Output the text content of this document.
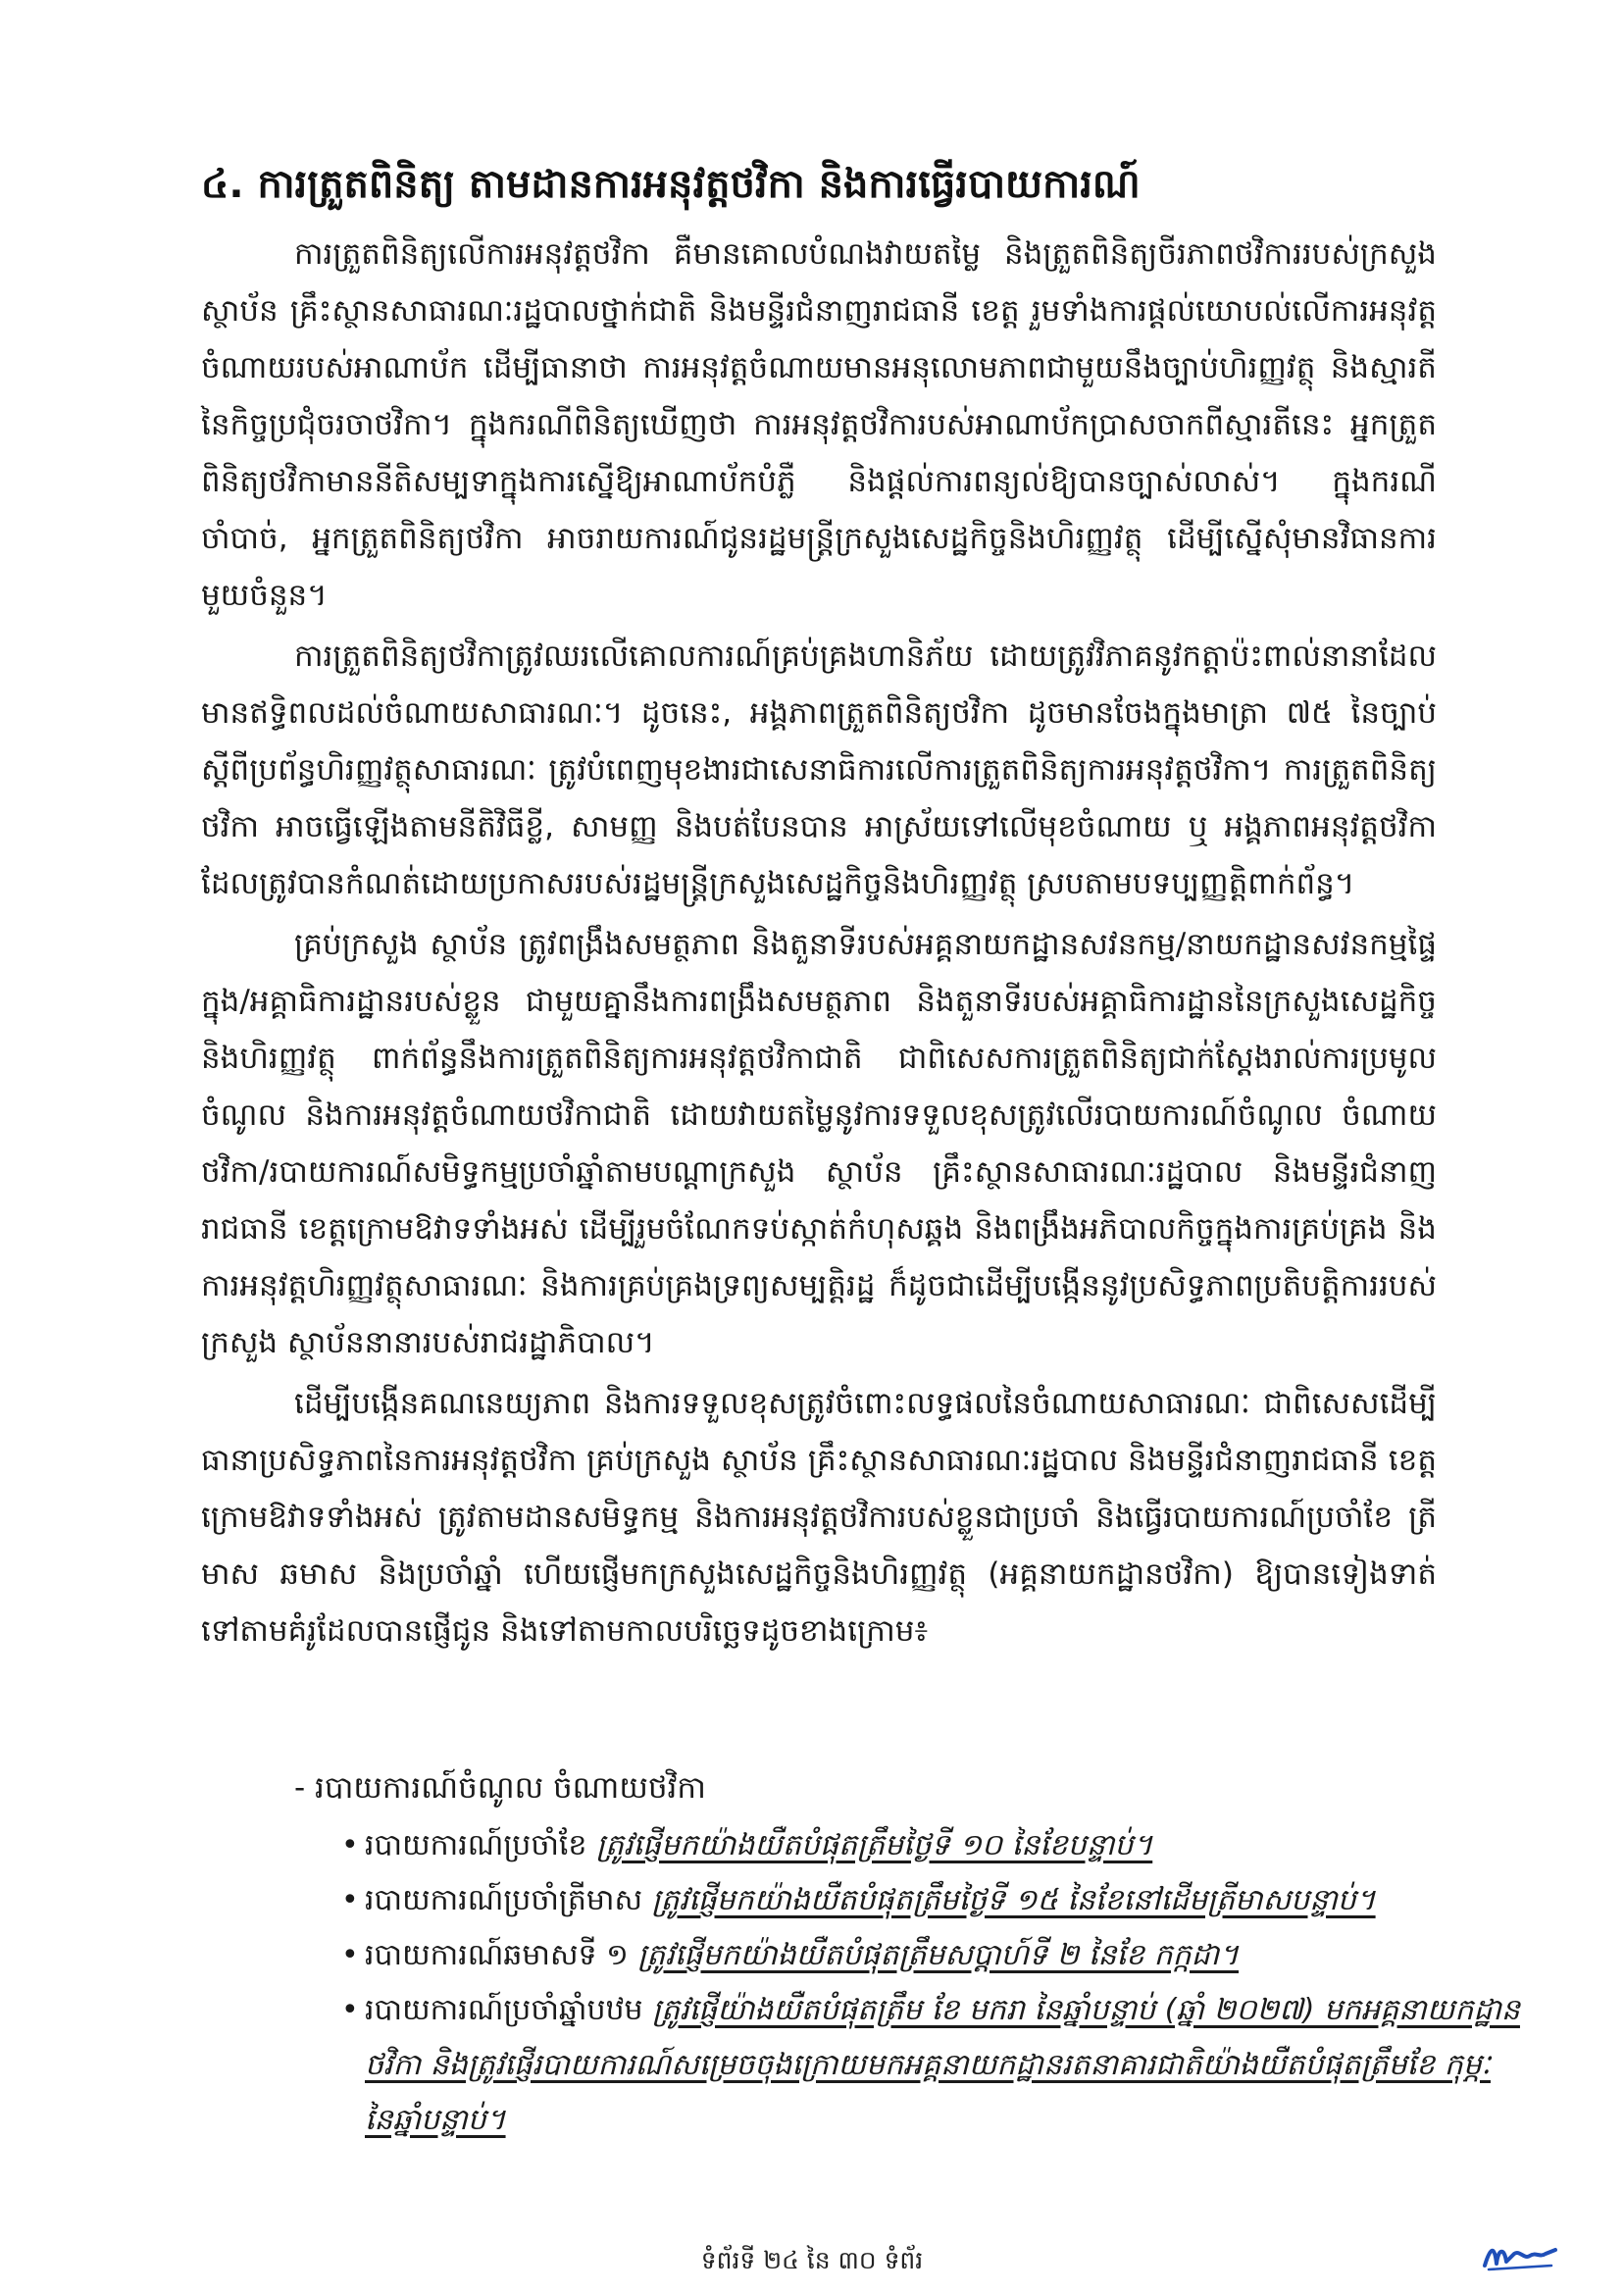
៤. ការត្រួតពិនិត្យ តាមដានការអនុវត្តថវិកា និងការធ្វើរបាយការណ៍

ការត្រួតពិនិត្យលើការអនុវត្តថវិកា គឺមានគោលបំណងវាយតម្លៃ និងត្រួតពិនិត្យចីរភាពថវិការរបស់ក្រសួង ស្ថាប័ន គ្រឹះស្ថានសាធារណៈរដ្ឋបាលថ្នាក់ជាតិ និងមន្ទីរជំនាញរាជធានី ខេត្ត រួមទាំងការផ្តល់យោបល់លើការអនុវត្តចំណាយរបស់អាណាប័ក ដើម្បីធានាថា ការអនុវត្តចំណាយមានអនុលោមភាពជាមួយនឹងច្បាប់ហិរញ្ញវត្ថុ និងស្មារតីនៃកិច្ចប្រជុំចរចាថវិកា។ ក្នុងករណីពិនិត្យឃើញថា ការអនុវត្តថវិការបស់អាណាប័កប្រាសចាកពីស្មារតីនេះ អ្នកត្រួតពិនិត្យថវិកាមាននីតិសម្បទាក្នុងការស្នើឱ្យអាណាប័កបំភ្លឺ និងផ្តល់ការពន្យល់ឱ្យបានច្បាស់លាស់។ ក្នុងករណីចាំបាច់, អ្នកត្រួតពិនិត្យថវិកា អាចរាយការណ៍ជូនរដ្ឋមន្ត្រីក្រសួងសេដ្ឋកិច្ចនិងហិរញ្ញវត្ថុ ដើម្បីស្នើសុំមានវិធានការមួយចំនួន។

ការត្រួតពិនិត្យថវិកាត្រូវឈរលើគោលការណ៍គ្រប់គ្រងហានិភ័យ ដោយត្រូវវិភាគនូវកត្តាប៉ះពាល់នានាដែលមានឥទ្ធិពលដល់ចំណាយសាធារណៈ។ ដូចនេះ, អង្គភាពត្រួតពិនិត្យថវិកា ដូចមានចែងក្នុងមាត្រា ៧៥ នៃច្បាប់ស្តីពីប្រព័ន្ធហិរញ្ញវត្ថុសាធារណៈ ត្រូវបំពេញមុខងារជាសេនាធិការលើការត្រួតពិនិត្យការអនុវត្តថវិកា។ ការត្រួតពិនិត្យថវិកា អាចធ្វើឡើងតាមនីតិវិធីខ្លី, សាមញ្ញ និងបត់បែនបាន អាស្រ័យទៅលើមុខចំណាយ ឬ អង្គភាពអនុវត្តថវិកា ដែលត្រូវបានកំណត់ដោយប្រកាសរបស់រដ្ឋមន្ត្រីក្រសួងសេដ្ឋកិច្ចនិងហិរញ្ញវត្ថុ ស្របតាមបទប្បញ្ញត្តិពាក់ព័ន្ធ។

គ្រប់ក្រសួង ស្ថាប័ន ត្រូវពង្រឹងសមត្ថភាព និងតួនាទីរបស់អគ្គនាយកដ្ឋានសវនកម្ម/នាយកដ្ឋានសវនកម្មផ្ទៃក្នុង/អគ្គាធិការដ្ឋានរបស់ខ្លួន ជាមួយគ្នានឹងការពង្រឹងសមត្ថភាព និងតួនាទីរបស់អគ្គាធិការដ្ឋាននៃក្រសួងសេដ្ឋកិច្ចនិងហិរញ្ញវត្ថុ ពាក់ព័ន្ធនឹងការត្រួតពិនិត្យការអនុវត្តថវិកាជាតិ ជាពិសេសការត្រួតពិនិត្យជាក់ស្តែងរាល់ការប្រមូលចំណូល និងការអនុវត្តចំណាយថវិកាជាតិ ដោយវាយតម្លៃនូវការទទួលខុសត្រូវលើរបាយការណ៍ចំណូល ចំណាយថវិកា/របាយការណ៍សមិទ្ធកម្មប្រចាំឆ្នាំតាមបណ្តាក្រសួង ស្ថាប័ន គ្រឹះស្ថានសាធារណៈរដ្ឋបាល និងមន្ទីរជំនាញរាជធានី ខេត្តក្រោមឱវាទទាំងអស់ ដើម្បីរួមចំណែកទប់ស្កាត់កំហុសឆ្គង និងពង្រឹងអភិបាលកិច្ចក្នុងការគ្រប់គ្រង និងការអនុវត្តហិរញ្ញវត្ថុសាធារណៈ និងការគ្រប់គ្រងទ្រព្យសម្បត្តិរដ្ឋ ក៏ដូចជាដើម្បីបង្កើននូវប្រសិទ្ធភាពប្រតិបត្តិការរបស់ក្រសួង ស្ថាប័ននានារបស់រាជរដ្ឋាភិបាល។

ដើម្បីបង្កើនគណនេយ្យភាព និងការទទួលខុសត្រូវចំពោះលទ្ធផលនៃចំណាយសាធារណៈ ជាពិសេសដើម្បីធានាប្រសិទ្ធភាពនៃការអនុវត្តថវិកា គ្រប់ក្រសួង ស្ថាប័ន គ្រឹះស្ថានសាធារណៈរដ្ឋបាល និងមន្ទីរជំនាញរាជធានី ខេត្តក្រោមឱវាទទាំងអស់ ត្រូវតាមដានសមិទ្ធកម្ម និងការអនុវត្តថវិការបស់ខ្លួនជាប្រចាំ និងធ្វើរបាយការណ៍ប្រចាំខែ ត្រីមាស ឆមាស និងប្រចាំឆ្នាំ ហើយផ្ញើមកក្រសួងសេដ្ឋកិច្ចនិងហិរញ្ញវត្ថុ (អគ្គនាយកដ្ឋានថវិកា) ឱ្យបានទៀងទាត់ទៅតាមគំរូដែលបានផ្ញើជូន និងទៅតាមកាលបរិច្ឆេទដូចខាងក្រោម៖

- របាយការណ៍ចំណូល ចំណាយថវិកា
• របាយការណ៍ប្រចាំខែ ត្រូវផ្ញើមកយ៉ាងយឺតបំផុតត្រឹមថ្ងៃទី ១០ នៃខែបន្ទាប់។
• របាយការណ៍ប្រចាំត្រីមាស ត្រូវផ្ញើមកយ៉ាងយឺតបំផុតត្រឹមថ្ងៃទី ១៥ នៃខែនៅដើមត្រីមាសបន្ទាប់។
• របាយការណ៍ឆមាសទី ១ ត្រូវផ្ញើមកយ៉ាងយឺតបំផុតត្រឹមសប្តាហ៍ទី ២ នៃខែ កក្កដា។
• របាយការណ៍ប្រចាំឆ្នាំបឋម ត្រូវផ្ញើយ៉ាងយឺតបំផុតត្រឹម ខែ មករា នៃឆ្នាំបន្ទាប់ (ឆ្នាំ ២០២៧) មកអគ្គនាយកដ្ឋានថវិកា និងត្រូវផ្ញើរបាយការណ៍សម្រេចចុងក្រោយមកអគ្គនាយកដ្ឋានរតនាគារជាតិយ៉ាងយឺតបំផុតត្រឹមខែ កុម្ភៈ នៃឆ្នាំបន្ទាប់។
ទំព័រទី ២៤ នៃ ៣០ ទំព័រ
